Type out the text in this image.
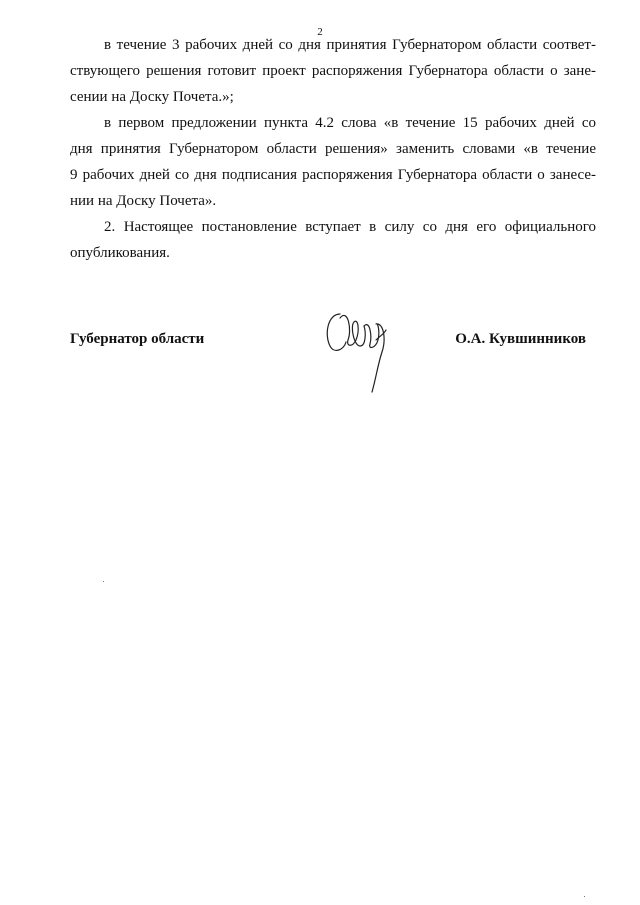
2

в течение 3 рабочих дней со дня принятия Губернатором области соответ-
ствующего решения готовит проект распоряжения Губернатора области о зане-
сении на Доску Почета.»;

в первом предложении пункта 4.2 слова «в течение 15 рабочих дней со
дня принятия Губернатором области решения» заменить словами «в течение
9 рабочих дней со дня подписания распоряжения Губернатора области о занесе-
нии на Доску Почета».

2. Настоящее постановление вступает в силу со дня его официального
опубликования.

Губернатор области	О.А. Кувшинников
